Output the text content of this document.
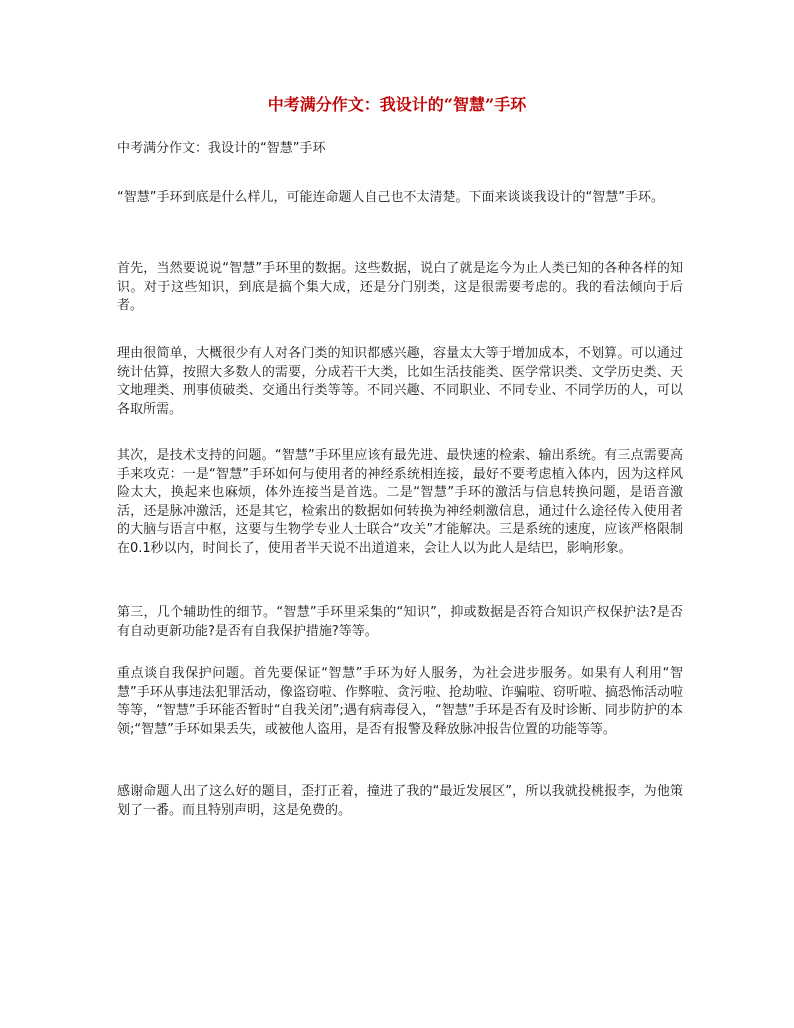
中考满分作文：我设计的“智慧”手环
中考满分作文：我设计的“智慧”手环
“智慧”手环到底是什么样儿，可能连命题人自己也不太清楚。下面来谈谈我设计的“智慧”手环。
首先，当然要说说“智慧”手环里的数据。这些数据，说白了就是迄今为止人类已知的各种各样的知识。对于这些知识，到底是搞个集大成，还是分门别类，这是很需要考虑的。我的看法倾向于后者。
理由很简单，大概很少有人对各门类的知识都感兴趣，容量太大等于增加成本，不划算。可以通过统计估算，按照大多数人的需要，分成若干大类，比如生活技能类、医学常识类、文学历史类、天文地理类、刑事侦破类、交通出行类等等。不同兴趣、不同职业、不同专业、不同学历的人，可以各取所需。
其次，是技术支持的问题。“智慧”手环里应该有最先进、最快速的检索、输出系统。有三点需要高手来攻克：一是“智慧”手环如何与使用者的神经系统相连接，最好不要考虑植入体内，因为这样风险太大，换起来也麻烦，体外连接当是首选。二是“智慧”手环的激活与信息转换问题，是语音激活，还是脉冲激活，还是其它，检索出的数据如何转换为神经刺激信息，通过什么途径传入使用者的大脑与语言中枢，这要与生物学专业人士联合“攻关”才能解决。三是系统的速度，应该严格限制在0.1秒以内，时间长了，使用者半天说不出道道来，会让人以为此人是结巴，影响形象。
第三，几个辅助性的细节。“智慧”手环里采集的“知识”，抑或数据是否符合知识产权保护法?是否有自动更新功能?是否有自我保护措施?等等。
重点谈自我保护问题。首先要保证“智慧”手环为好人服务，为社会进步服务。如果有人利用“智慧”手环从事违法犯罪活动，像盗窃啦、作弊啦、贪污啦、抢劫啦、诈骗啦、窃听啦、搞恐怖活动啦等等，“智慧”手环能否暂时“自我关闭”;遇有病毒侵入，“智慧”手环是否有及时诊断、同步防护的本领;“智慧”手环如果丢失，或被他人盗用，是否有报警及释放脉冲报告位置的功能等等。
感谢命题人出了这么好的题目，歪打正着，撞进了我的“最近发展区”，所以我就投桃报李，为他策划了一番。而且特别声明，这是免费的。
